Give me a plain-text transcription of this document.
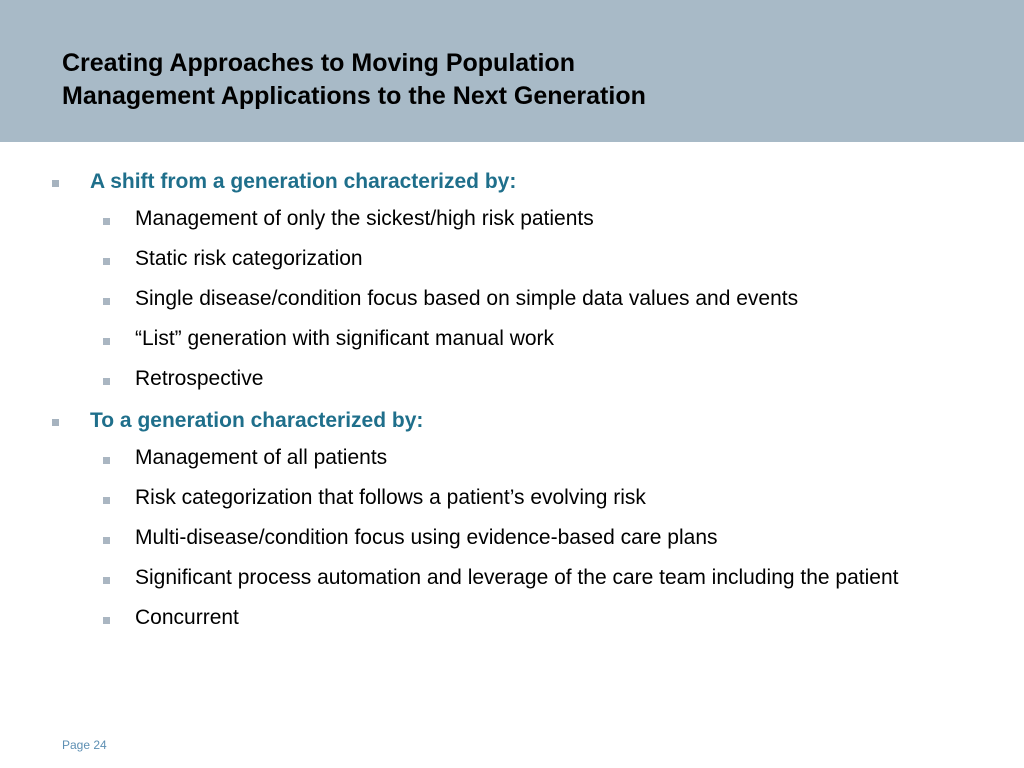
Creating Approaches to Moving Population
Management Applications to the Next Generation
A shift from a generation characterized by:
Management of only the sickest/high risk patients
Static risk categorization
Single disease/condition focus based on simple data values and events
“List” generation with significant manual work
Retrospective
To a generation characterized by:
Management of all patients
Risk categorization that follows a patient’s evolving risk
Multi-disease/condition focus using evidence-based care plans
Significant process automation and leverage of the care team including the patient
Concurrent
Page 24
